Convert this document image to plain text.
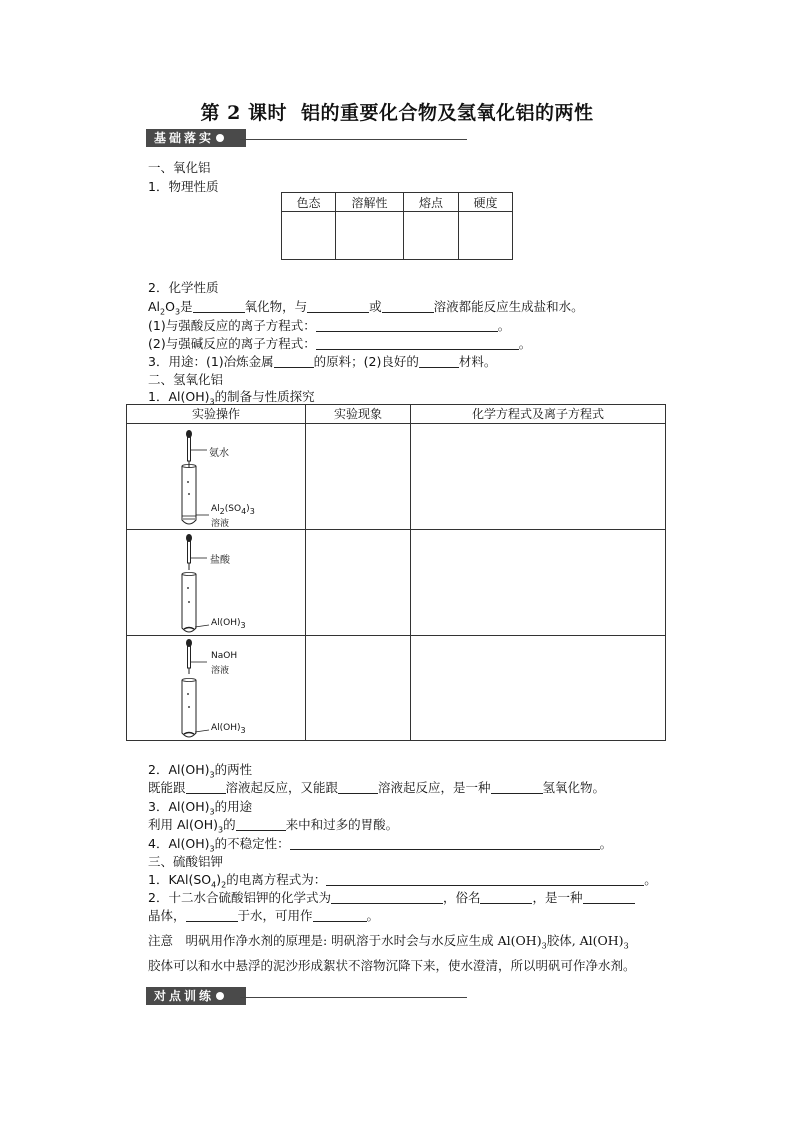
第 2 课时 铝的重要化合物及氢氧化铝的两性
基础落实
一、氧化铝
1．物理性质
色态	溶解性	熔点	硬度

2．化学性质
$Al_2O_3$是	氧化物，与	或	溶液都能反应生成盐和水。
(1)与强酸反应的离子方程式：	。
(2)与强碱反应的离子方程式：	。
3．用途：(1)冶炼金属	的原料；(2)良好的	材料。
二、氢氧化铝
1．$Al(OH)_3$的制备与性质探究
实验操作	实验现象	化学方程式及离子方程式

氨水
$Al_2(SO_4)_3$
溶液		

盐酸
$Al(OH)_3$

NaOH
溶液
$Al(OH)_3$

2．$Al(OH)_3$的两性
既能跟	溶液起反应，又能跟	溶液起反应，是一种	氢氧化物。
3．$Al(OH)_3$的用途
利用 $Al(OH)_3$的	来中和过多的胃酸。
4．$Al(OH)_3$的不稳定性：	。
三、硫酸铝钾
1．$KAl(SO_4)_2$的电离方程式为：	。
2．十二水合硫酸铝钾的化学式为	，俗名	，是一种
晶体，	于水，可用作	。
注意　明矾用作净水剂的原理是: 明矾溶于水时会与水反应生成 $Al(OH)_3$胶体, $Al(OH)_3$
胶体可以和水中悬浮的泥沙形成絮状不溶物沉降下来，使水澄清，所以明矾可作净水剂。
对点训练
